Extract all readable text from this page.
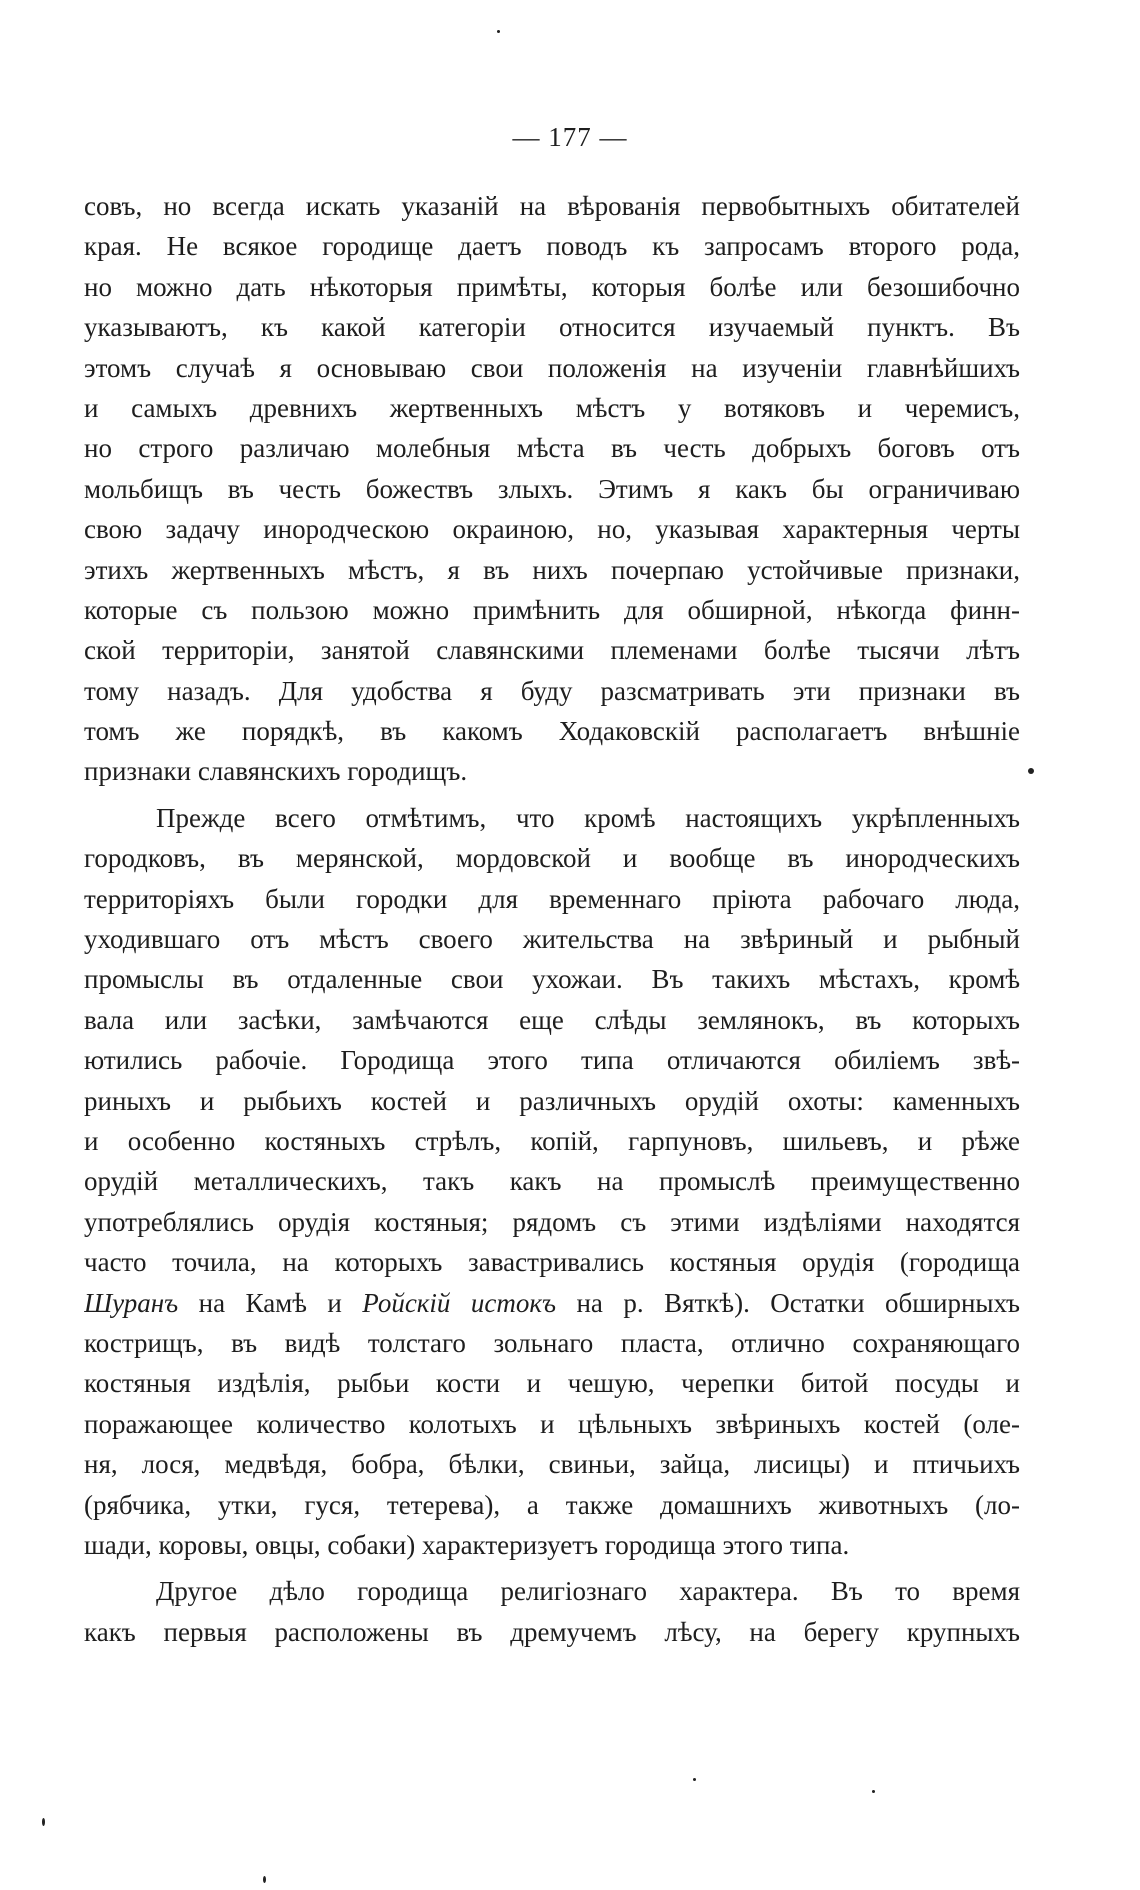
— 177 —
совъ, но всегда искать указаній на вѣрованія первобытныхъ обитателей
края. Не всякое городище даетъ поводъ къ запросамъ второго рода,
но можно дать нѣкоторыя примѣты, которыя болѣе или безошибочно
указываютъ, къ какой категоріи относится изучаемый пунктъ. Въ
этомъ случаѣ я основываю свои положенія на изученіи главнѣйшихъ
и самыхъ древнихъ жертвенныхъ мѣстъ у вотяковъ и черемисъ,
но строго различаю молебныя мѣста въ честь добрыхъ боговъ отъ
мольбищъ въ честь божествъ злыхъ. Этимъ я какъ бы ограничиваю
свою задачу инородческою окраиною, но, указывая характерныя черты
этихъ жертвенныхъ мѣстъ, я въ нихъ почерпаю устойчивые признаки,
которые съ пользою можно примѣнить для обширной, нѣкогда финн-
ской территоріи, занятой славянскими племенами болѣе тысячи лѣтъ
тому назадъ. Для удобства я буду разсматривать эти признаки въ
томъ же порядкѣ, въ какомъ Ходаковскій располагаетъ внѣшніе
признаки славянскихъ городищъ.
Прежде всего отмѣтимъ, что кромѣ настоящихъ укрѣпленныхъ
городковъ, въ мерянской, мордовской и вообще въ инородческихъ
территоріяхъ были городки для временнаго пріюта рабочаго люда,
уходившаго отъ мѣстъ своего жительства на звѣриный и рыбный
промыслы въ отдаленные свои ухожаи. Въ такихъ мѣстахъ, кромѣ
вала или засѣки, замѣчаются еще слѣды землянокъ, въ которыхъ
ютились рабочіе. Городища этого типа отличаются обиліемъ звѣ-
риныхъ и рыбьихъ костей и различныхъ орудій охоты: каменныхъ
и особенно костяныхъ стрѣлъ, копій, гарпуновъ, шильевъ, и рѣже
орудій металлическихъ, такъ какъ на промыслѣ преимущественно
употреблялись орудія костяныя; рядомъ съ этими издѣліями находятся
часто точила, на которыхъ завастривались костяныя орудія (городища
Шуранъ на Камѣ и Ройскій истокъ на р. Вяткѣ). Остатки обширныхъ
кострищъ, въ видѣ толстаго зольнаго пласта, отлично сохраняющаго
костяныя издѣлія, рыбьи кости и чешую, черепки битой посуды и
поражающее количество колотыхъ и цѣльныхъ звѣриныхъ костей (оле-
ня, лося, медвѣдя, бобра, бѣлки, свиньи, зайца, лисицы) и птичьихъ
(рябчика, утки, гуся, тетерева), а также домашнихъ животныхъ (ло-
шади, коровы, овцы, собаки) характеризуетъ городища этого типа.
Другое дѣло городища религіознаго характера. Въ то время
какъ первыя расположены въ дремучемъ лѣсу, на берегу крупныхъ
